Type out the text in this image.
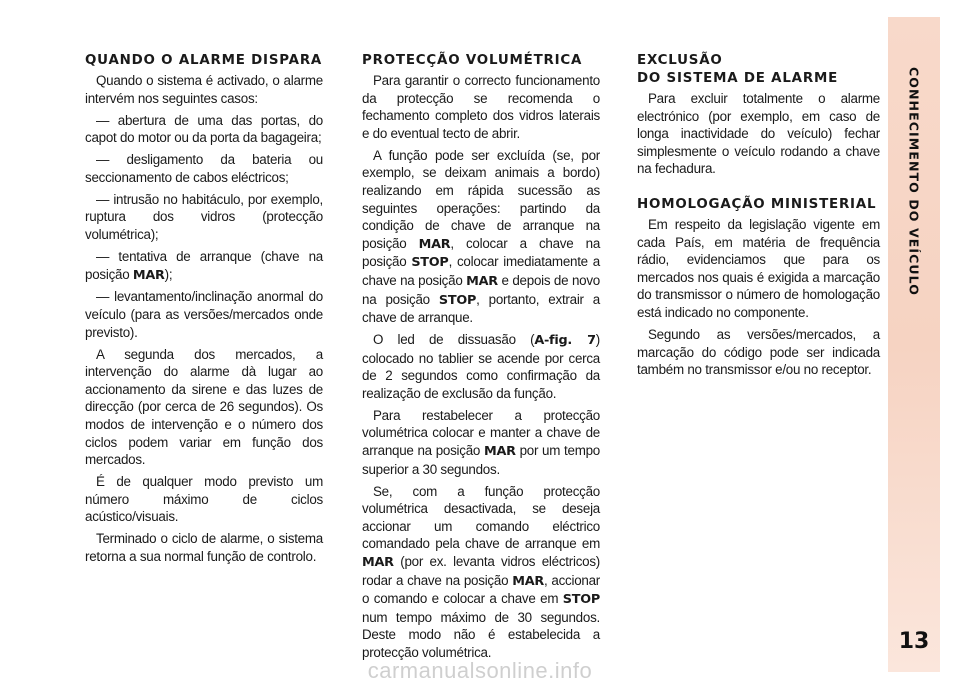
QUANDO O ALARME DISPARA

Quando o sistema é activado, o alarme intervém nos seguintes casos:

— abertura de uma das portas, do capot do motor ou da porta da bagageira;

— desligamento da bateria ou seccionamento de cabos eléctricos;

— intrusão no habitáculo, por exemplo, ruptura dos vidros (protecção volumétrica);

— tentativa de arranque (chave na posição MAR);

— levantamento/inclinação anormal do veículo (para as versões/mercados onde previsto).

A segunda dos mercados, a intervenção do alarme dà lugar ao accionamento da sirene e das luzes de direcção (por cerca de 26 segundos). Os modos de intervenção e o número dos ciclos podem variar em função dos mercados.

É de qualquer modo previsto um número máximo de ciclos acústico/visuais.

Terminado o ciclo de alarme, o sistema retorna a sua normal função de controlo.

PROTECÇÃO VOLUMÉTRICA

Para garantir o correcto funcionamento da protecção se recomenda o fechamento completo dos vidros laterais e do eventual tecto de abrir.

A função pode ser excluída (se, por exemplo, se deixam animais a bordo) realizando em rápida sucessão as seguintes operações: partindo da condição de chave de arranque na posição MAR, colocar a chave na posição STOP, colocar imediatamente a chave na posição MAR e depois de novo na posição STOP, portanto, extrair a chave de arranque.

O led de dissuasão (A-fig. 7) colocado no tablier se acende por cerca de 2 segundos como confirmação da realização de exclusão da função.

Para restabelecer a protecção volumétrica colocar e manter a chave de arranque na posição MAR por um tempo superior a 30 segundos.

Se, com a função protecção volumétrica desactivada, se deseja accionar um comando eléctrico comandado pela chave de arranque em MAR (por ex. levanta vidros eléctricos) rodar a chave na posição MAR, accionar o comando e colocar a chave em STOP num tempo máximo de 30 segundos. Deste modo não é estabelecida a protecção volumétrica.

EXCLUSÃO
DO SISTEMA DE ALARME

Para excluir totalmente o alarme electrónico (por exemplo, em caso de longa inactividade do veículo) fechar simplesmente o veículo rodando a chave na fechadura.

HOMOLOGAÇÃO MINISTERIAL

Em respeito da legislação vigente em cada País, em matéria de frequência rádio, evidenciamos que para os mercados nos quais é exigida a marcação do transmissor o número de homologação está indicado no componente.

Segundo as versões/mercados, a marcação do código pode ser indicada também no transmissor e/ou no receptor.

CONHECIMENTO DO VEÍCULO
13
carmanualsonline.info
